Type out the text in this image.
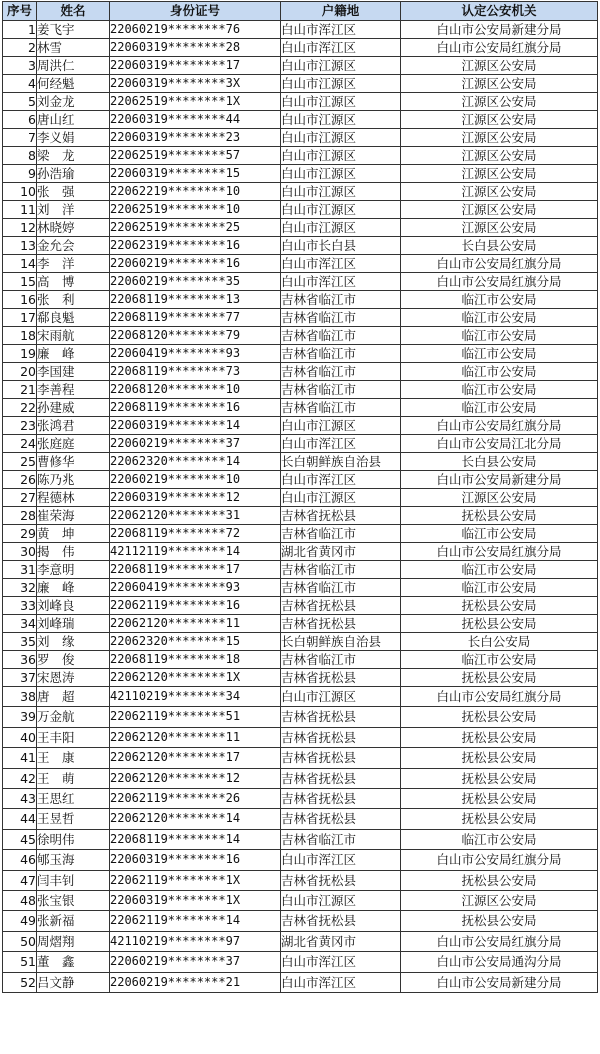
序号	姓名	身份证号	户籍地	认定公安机关
1	姜飞宇	22060219********76	白山市浑江区	白山市公安局新建分局
2	林雪	22060319********28	白山市浑江区	白山市公安局红旗分局
3	周洪仁	22060319********17	白山市江源区	江源区公安局
4	何经魁	22060319********3X	白山市江源区	江源区公安局
5	刘金龙	22062519********1X	白山市江源区	江源区公安局
6	唐山红	22060319********44	白山市江源区	江源区公安局
7	李义娟	22060319********23	白山市江源区	江源区公安局
8	梁　龙	22062519********57	白山市江源区	江源区公安局
9	孙浩瑜	22060319********15	白山市江源区	江源区公安局
10	张　强	22062219********10	白山市江源区	江源区公安局
11	刘　洋	22062519********10	白山市江源区	江源区公安局
12	林晓婷	22062519********25	白山市江源区	江源区公安局
13	金允会	22062319********16	白山市长白县	长白县公安局
14	李　洋	22060219********16	白山市浑江区	白山市公安局红旗分局
15	高　博	22060219********35	白山市浑江区	白山市公安局红旗分局
16	张　利	22068119********13	吉林省临江市	临江市公安局
17	郗良魁	22068119********77	吉林省临江市	临江市公安局
18	宋雨航	22068120********79	吉林省临江市	临江市公安局
19	廉　峰	22060419********93	吉林省临江市	临江市公安局
20	李国建	22068119********73	吉林省临江市	临江市公安局
21	李善程	22068120********10	吉林省临江市	临江市公安局
22	孙建威	22068119********16	吉林省临江市	临江市公安局
23	张鸿君	22060319********14	白山市江源区	白山市公安局红旗分局
24	张庭庭	22060219********37	白山市浑江区	白山市公安局江北分局
25	曹修华	22062320********14	长白朝鲜族自治县	长白县公安局
26	陈乃兆	22060219********10	白山市浑江区	白山市公安局新建分局
27	程德林	22060319********12	白山市江源区	江源区公安局
28	崔荣海	22062120********31	吉林省抚松县	抚松县公安局
29	黄　坤	22068119********72	吉林省临江市	临江市公安局
30	揭　伟	42112119********14	湖北省黄冈市	白山市公安局红旗分局
31	李意明	22068119********17	吉林省临江市	临江市公安局
32	廉　峰	22060419********93	吉林省临江市	临江市公安局
33	刘峰良	22062119********16	吉林省抚松县	抚松县公安局
34	刘峰瑞	22062120********11	吉林省抚松县	抚松县公安局
35	刘　缘	22062320********15	长白朝鲜族自治县	长白公安局
36	罗　俊	22068119********18	吉林省临江市	临江市公安局
37	宋恩涛	22062120********1X	吉林省抚松县	抚松县公安局
38	唐　超	42110219********34	白山市江源区	白山市公安局红旗分局
39	万金航	22062119********51	吉林省抚松县	抚松县公安局
40	王丰阳	22062120********11	吉林省抚松县	抚松县公安局
41	王　康	22062120********17	吉林省抚松县	抚松县公安局
42	王　萌	22062120********12	吉林省抚松县	抚松县公安局
43	王思红	22062119********26	吉林省抚松县	抚松县公安局
44	王昱哲	22062120********14	吉林省抚松县	抚松县公安局
45	徐明伟	22068119********14	吉林省临江市	临江市公安局
46	郇玉海	22060319********16	白山市浑江区	白山市公安局红旗分局
47	闫丰钊	22062119********1X	吉林省抚松县	抚松县公安局
48	张宝银	22060319********1X	白山市江源区	江源区公安局
49	张新福	22062119********14	吉林省抚松县	抚松县公安局
50	周熠翔	42110219********97	湖北省黄冈市	白山市公安局红旗分局
51	董　鑫	22060219********37	白山市浑江区	白山市公安局通沟分局
52	吕文静	22060219********21	白山市浑江区	白山市公安局新建分局
